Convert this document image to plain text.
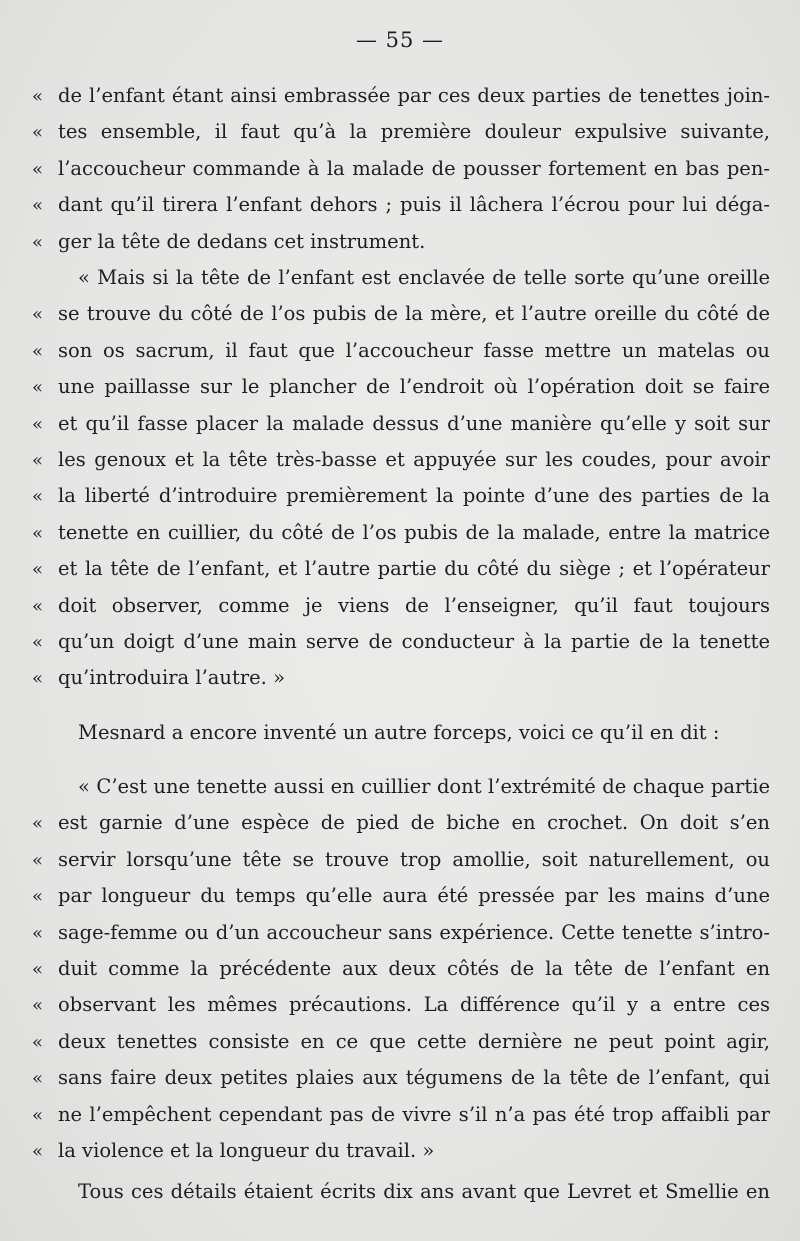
— 55 —
« de l’enfant étant ainsi embrassée par ces deux parties de tenettes join-
« tes ensemble, il faut qu’à la première douleur expulsive suivante,
« l’accoucheur commande à la malade de pousser fortement en bas pen-
« dant qu’il tirera l’enfant dehors ; puis il lâchera l’écrou pour lui déga-
« ger la tête de dedans cet instrument.
« Mais si la tête de l’enfant est enclavée de telle sorte qu’une oreille
« se trouve du côté de l’os pubis de la mère, et l’autre oreille du côté de
« son os sacrum, il faut que l’accoucheur fasse mettre un matelas ou
« une paillasse sur le plancher de l’endroit où l’opération doit se faire
« et qu’il fasse placer la malade dessus d’une manière qu’elle y soit sur
« les genoux et la tête très-basse et appuyée sur les coudes, pour avoir
« la liberté d’introduire premièrement la pointe d’une des parties de la
« tenette en cuillier, du côté de l’os pubis de la malade, entre la matrice
« et la tête de l’enfant, et l’autre partie du côté du siège ; et l’opérateur
« doit observer, comme je viens de l’enseigner, qu’il faut toujours
« qu’un doigt d’une main serve de conducteur à la partie de la tenette
« qu’introduira l’autre. »
Mesnard a encore inventé un autre forceps, voici ce qu’il en dit :
« C’est une tenette aussi en cuillier dont l’extrémité de chaque partie
« est garnie d’une espèce de pied de biche en crochet. On doit s’en
« servir lorsqu’une tête se trouve trop amollie, soit naturellement, ou
« par longueur du temps qu’elle aura été pressée par les mains d’une
« sage-femme ou d’un accoucheur sans expérience. Cette tenette s’intro-
« duit comme la précédente aux deux côtés de la tête de l’enfant en
« observant les mêmes précautions. La différence qu’il y a entre ces
« deux tenettes consiste en ce que cette dernière ne peut point agir,
« sans faire deux petites plaies aux tégumens de la tête de l’enfant, qui
« ne l’empêchent cependant pas de vivre s’il n’a pas été trop affaibli par
« la violence et la longueur du travail. »
Tous ces détails étaient écrits dix ans avant que Levret et Smellie en
